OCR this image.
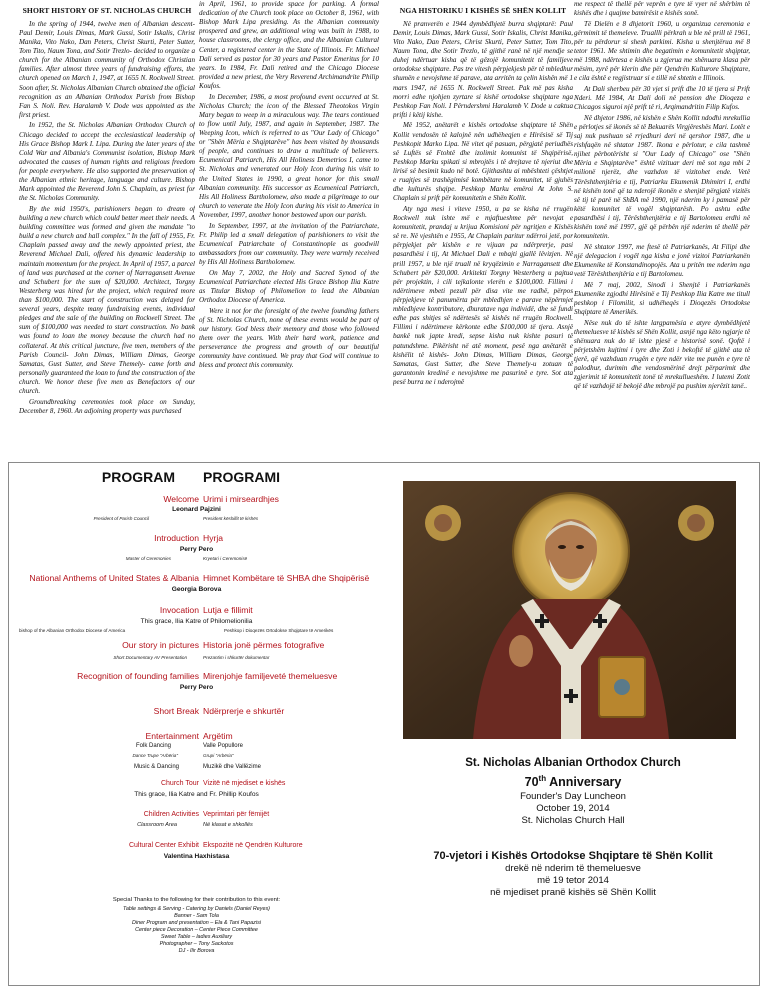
SHORT HISTORY OF ST. NICHOLAS CHURCH

In the spring of 1944, twelve men of Albanian descent- Paul Demir, Louis Dimas, Mark Gussi, Sotir Iskalis, Christ Manika, Vito Nako, Dan Peters, Christ Skurti, Peter Sutter, Tom Tito, Naum Tona, and Sotir Trezlo- decided to organize a church for the Albanian community of Orthodox Christian families. After almost three years of fundraising efforts, the church opened on March 1, 1947, at 1655 N. Rockwell Street. Soon after, St. Nicholas Albanian Church obtained the official recognition as an Albanian Orthodox Parish from Bishop Fan S. Noli. Rev. Haralamb V. Dode was appointed as the first priest.

In 1952, the St. Nicholas Albanian Orthodox Church of Chicago decided to accept the ecclesiastical leadership of His Grace Bishop Mark I. Lipa. During the later years of the Cold War and Albania's Communist isolation, Bishop Mark advocated the causes of human rights and religious freedom for people everywhere. He also supported the preservation of the Albanian ethnic heritage, language and culture. Bishop Mark appointed the Reverend John S. Chaplain, as priest for the St. Nicholas Community.

By the mid 1950's, parishioners began to dream of building a new church which could better meet their needs. A building committee was formed and given the mandate "to build a new church and hall complex." In the fall of 1955, Fr. Chaplain passed away and the newly appointed priest, the Reverend Michael Dali, offered his dynamic leadership to maintain momentum for the project. In April of 1957, a parcel of land was purchased at the corner of Narragansett Avenue and Schubert for the sum of $20,000. Architect, Torgny Westerberg was hired for the project, which required more than $100,000. The start of construction was delayed for several years, despite many fundraising events, individual pledges and the sale of the building on Rockwell Street. The sum of $100,000 was needed to start construction. No bank was found to loan the money because the church had no collateral. At this critical juncture, five men, members of the Parish Council- John Dimas, William Dimas, George Samatas, Gust Sutter, and Steve Themely- came forth and personally guaranteed the loan to fund the construction of the church. We honor these five men as Benefactors of our church.

Groundbreaking ceremonies took place on Sunday, December 8, 1960. An adjoining property was purchased

in April, 1961, to provide space for parking. A formal dedication of the Church took place on October 8, 1961, with Bishop Mark Lipa presiding. As the Albanian community prospered and grew, an additional wing was built in 1988, to house classrooms, the clergy office, and the Albanian Cultural Center, a registered center in the State of Illinois. Fr. Michael Dali served as pastor for 30 years and Pastor Emeritus for 10 years. In 1984, Fr. Dali retired and the Chicago Diocese provided a new priest, the Very Reverend Archimandrite Philip Koufos.

In December, 1986, a most profound event occurred at St. Nicholas Church; the icon of the Blessed Theotokos Virgin Mary began to weep in a miraculous way. The tears continued to flow until July, 1987, and again in September, 1987. The Weeping Icon, which is referred to as "Our Lady of Chicago" or "Shën Mëria e Shqiptarëve" has been visited by thousands of people, and continues to draw a multitude of believers. Ecumenical Patriarch, His All Holiness Demetrios I, came to St. Nicholas and venerated our Holy Icon during his visit to the United States in 1990, a great honor for this small Albanian community. His successor as Ecumenical Patriarch, His All Holiness Bartholomew, also made a pilgrimage to our church to venerate the Holy Icon during his visit to America in November, 1997, another honor bestowed upon our parish.

In September, 1997, at the invitation of the Patriarchate, Fr. Philip led a small delegation of parishioners to visit the Ecumenical Patriarchate of Constantinople as goodwill ambassadors from our community. They were warmly received by His All Holiness Bartholomew.

On May 7, 2002, the Holy and Sacred Synod of the Ecumenical Patriarchate elected His Grace Bishop Ilia Katre as Titular Bishop of Philomelion to lead the Albanian Orthodox Diocese of America.

Were it not for the foresight of the twelve founding fathers of St. Nicholas Church, none of these events would be part of our history. God bless their memory and those who followed them over the years. With their hard work, patience and perseverance the progress and growth of our beautiful community have continued. We pray that God will continue to bless and protect this community.

NGA HISTORIKU I KISHËS SË SHËN KOLLIT

Në pranverën e 1944 dymbëdhjetë burra shqiptarë: Paul Demir, Louis Dimas, Mark Gussi, Sotir Iskalis, Christ Manika, Vito Nako, Dan Peters, Christ Skurti, Peter Sutter, Tom Tito, Naum Tona, dhe Sotir Trezlo, të gjithë ranë në një mendje se duhej ndërtuar kisha që të gëzojë komunitetit të familjeve ortodokse shqiptare. Pas tre vitesh përpjekjesh për të mbledhur shumën e nevojshme të parave, ata arritën ta çelin kishën më 1 mars 1947, në 1655 N. Rockwell Street. Pak më pas kisha morri edhe njohjen zyrtare si kishë ortodokse shqiptare nga Peshkop Fan Noli. I Përndershmi Haralamb V. Dode u caktua prifti i këtij kishe.

Më 1952, anëtarët e kishës ortodokse shqiptare të Shën Kollit vendosën të kalojnë nën udhëheqjen e Hirësisë së Tij Peshkopit Marko Lipa. Në vitet që pasuan, përgjatë periudhës së Luftës së Ftohtë dhe izolimit komunist të Shqipërisë, Peshkop Marku spikati si mbrojtës i të drejtave të njeriut dhe lirisë së besimit kudo në botë. Gjithashtu ai mbështeti çështjet e ruajtjes së trashëgimisë kombëtare në komunitet, të gjuhës dhe kulturës shqipe. Peshkop Marku emëroi At John S. Chaplain si prift për komunitetin e Shën Kollit.

Aty nga mesi i viteve 1950, u pa se kisha në rrugën Rockwell nuk ishte më e mjaftueshme për nevojat e komunitetit, prandaj u krijua Komisioni për ngritjen e Kishës së re. Në vjeshtën e 1955, At Chaplain paritur ndërroi jetë, por përpjekjet për kishën e re vijuan pa ndërprerje, pasi pasardhësi i tij, At Michael Dali e mbajti gjallë lëvizjen. Në prill 1957, u ble një truall në kryqëzimin e Narragansett dhe Schubert për $20,000. Arkitekti Torgny Westerberg u pajtua për projektin, i cili tejkalonte vlerën e $100,000. Fillimi i ndërtimeve mbeti pezull për disa vite me radhë, përpos përpjekjeve të panumërta për mbledhjen e parave nëpërmjet mbledhjeve kontributore, dhuratave nga individë, dhe së fundi edhe pas shitjes së ndërtesës së kishës në rrugën Rockwell. Fillimi i ndërtimeve kërkonte edhe $100,000 të tjera. Asnjë bankë nuk japte kredi, sepse kisha nuk kishte pasuri të patundshme. Pikërisht në atë moment, pesë nga anëtarët e kishëlit të kishës- John Dimas, William Dimas, George Samatas, Gust Sutter, dhe Steve Themely-u zotuan të garantonin kredinë e nevojshme me pasurinë e tyre. Sot ata pesë burra ne i nderojmë

me respect të thellë për veprën e tyre të vyer në shërbim të kishës dhe i quajme bamirësit e kishës sonë.

Të Dielën e 8 dhjetorit 1960, u organizua ceremonia e gërmimit të themeleve. Truallli përkrah u ble në prill të 1961, për tu përdorur si shesh parkimi. Kisha u shenjtërua më 8 tetor 1961. Me shtimin dhe begatimin e komunitetit shqiptar, më 1988, ndërtesa e kishës u zgjerua me shënuara klasa për mësim, zyrë për klerin dhe për Qendrën Kulturore Shqiptare, e cila është e regjistruar si e tillë në shtetin e Illinois.

At Dali sherbeu për 30 vjet si prift dhe 10 të tjera si Prift Nderi. Më 1984, At Dali doli në pension dhe Dioqeza e Chicagos siguroi një prift të ri, Arqimandritin Filip Kufos.

Në dhjetor 1986, në kishën e Shën Kollit ndodhi mrekullia e përlotjes së ikonës së të Bekuarës Virgjëreshës Mari. Lotët e saj nuk pushuan së rrjedhuri deri në qershor 1987, dhe u rishfaqën në shtator 1987. Ikona e përlotur, e cila tashmë njihet përbotërisht si "Our Lady of Chicago" ose "Shën Mëria e Shqiptarëve" është vizituar deri më sot nga mbi 2 milionë njerëz, dhe vazhdon të vizitohet ende. Vetë Tërështhenjtëria e tij, Patriarku Ekumenik Dhimitri I, erdhi në kishën tonë që ta nderojë ikonën e shenjtë përgjatë vizitës së tij të parë në ShBA më 1990, një nderim ky i pamasë për këtë komunitet të vogël shqiptarësh. Po ashtu edhe pasardhësi i tij, Tërështhenjtëria e tij Bartolomeu erdhi në kishën tonë më 1997, gjë që përbën një nderim të thellë për komunitetin.

Në shtator 1997, me ftesë të Patriarkanës, At Filipi dhe një delegacion i vogël nga kisha e jonë vizitoi Patriarkanën Ekumenike të Konstandinopojës. Ata u pritën me nderim nga vetë Tërështhenjtëria e tij Bartolomeu.

Më 7 maj, 2002, Sinodi i Shenjtë i Patriarkanës Ekumenike zgjodhi Hirësinë e Tij Peshkop Ilia Katre me titull peshkop i Filomilit, si udhëheqës i Dioqezës Ortodokse Shqiptare të Amerikës.

Nëse nuk do të ishte largpamësia e atyre dymbëdhjetë themeluesve të kishës së Shën Kollit, asnjë nga këto ngjarje të shënuara nuk do të ishte pjesë e historisë sonë. Qoftë i përjetshëm kujtimi i tyre dhe Zoti i bekoftë të gjithë ata të tjerë, që vazhduan rrugën e tyre ndër vite me punën e tyre të palodhur, durimin dhe vendosmërinë drejt përparimit dhe zgjerimit të komunitetit tonë të mrekullueshëm. I lutemi Zotit që të vazhdojë të bekojë dhe mbrojë pa pushim njerëzit tanë..

PROGRAM PROGRAMI
Welcome Urimi i mirseardhjes
Leonard Pajzini
President of Parish Council	President këshillit të kishës
Introduction Hyrja
Perry Pero
Master of Ceremonies	Kryetari i Ceremonisë
National Anthems of United States & Albania Himnet Kombëtare të SHBA dhe Shqipërisë
Georgia Borova
Invocation Lutja e fillimit
This grace, Ilia Katre of Philomelionilia
bishop of the Albanian Orthodox Diocese of America	Peshkop i Dioqezës Ortodokse Shqiptare të Amerikës
Our story in pictures Historia jonë përmes fotografive
Short Documentary AV Presentation	Prezantim i shkurtër dokumentar
Recognition of founding families Mirenjohje familjeveté themeluesve
Perry Pero
Short Break Ndërprerje e shkurtër
Entertainment Argëtim
Folk Dancing	Valle Popullore
Dance Trupe "Arbëria"	Grupi "Arbëria"
Music & Dancing	Muzikë dhe Vallëzime
Church Tour Vizitë në mjediset e kishës
This grace, Ilia Katre and Fr. Phillip Koufos
Children Activities Veprimtari për fëmijët
Classroom Area	Në klasat e shkollës
Cultural Center Exhibit Ekspozitë në Qendrën Kulturore
Valentina Haxhistasa
Special Thanks to the following for their contribution to this event:
Table settings & Serving - Catering by Daniels (Daniel Reyes)
Banner - Sam Tola
Diner Program and presentation – Ela & Tani Papazisi
Center piece Decoration – Center Piece Committee
Sweet Table – ladies Auxiliary
Photographer – Tony Sackotos
DJ - Ilir Borova
St. Nicholas Albanian Orthodox Church
70th Anniversary
Founder's Day Luncheon
October 19, 2014
St. Nicholas Church Hall
70-vjetori i Kishës Ortodokse Shqiptare të Shën Kollit
drekë në nderim të themeluesve
më 19 tetor 2014
në mjediset pranë kishës së Shën Kollit
